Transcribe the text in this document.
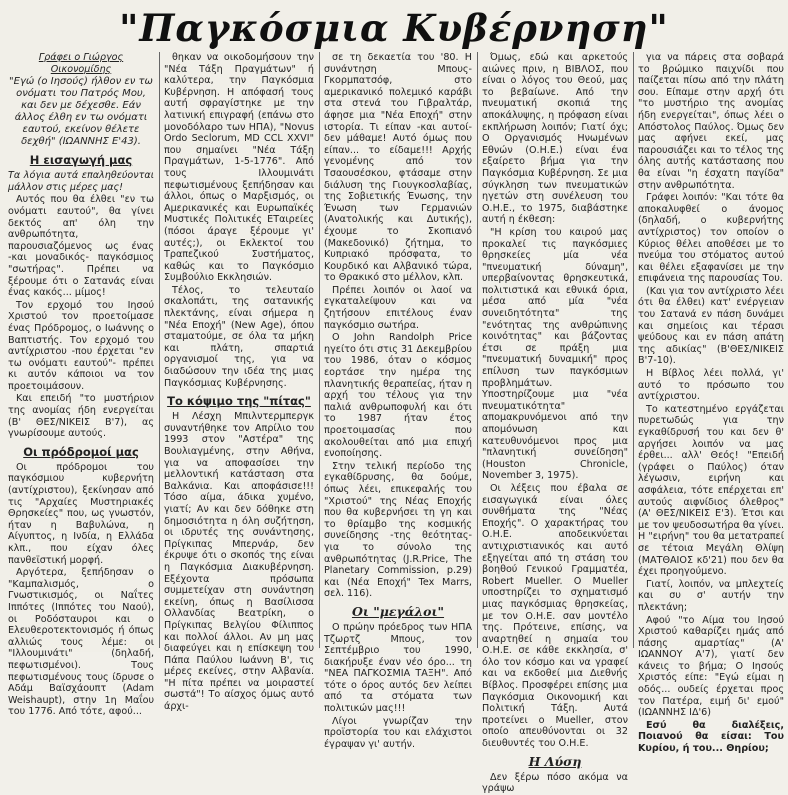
"Παγκόσμια Κυβέρνηση"
Γράφει ο Γιώργος Οικονομίδης
"Εγώ (ο Ιησούς) ήλθον εν τω ονόματι του Πατρός Μου, και δεν με δέχεσθε. Εάν άλλος έλθη εν τω ονόματι εαυτού, εκείνον θέλετε δεχθή" (ΙΩΑΝΝΗΣ Ε'43).
Η εισαγωγή μας

Τα λόγια αυτά επαληθεύονται μάλλον στις μέρες μας!

Αυτός που θα έλθει "εν τω ονόματι εαυτού", θα γίνει δεκτός απ' όλη την ανθρωπότητα, παρουσιαζόμενος ως ένας -και μοναδικός- παγκόσμιος "σωτήρας". Πρέπει να ξέρουμε ότι ο Σατανάς είναι ένας κακός... μίμος!

Τον ερχομό του Ιησού Χριστού τον προετοίμασε ένας Πρόδρομος, ο Ιωάννης ο Βαπτιστής. Τον ερχομό του αντίχριστου -που έρχεται "εν τω ονόματι εαυτού"- πρέπει κι αυτόν κάποιοι να τον προετοιμάσουν.

Και επειδή "το μυστήριον της ανομίας ήδη ενεργείται (Β' ΘΕΣ/ΝΙΚΕΙΣ Β'7), ας γνωρίσουμε αυτούς.

Οι πρόδρομοί μας

Οι πρόδρομοι του παγκόσμιου κυβερνήτη (αντίχριστου), ξεκίνησαν από τις "Αρχαίες Μυστηριακές Θρησκείες" που, ως γνωστόν, ήταν η Βαβυλώνα, η Αίγυπτος, η Ινδία, η Ελλάδα κλπ., που είχαν όλες πανθεϊστική μορφή.

Αργότερα, ξεπήδησαν ο "Καμπαλισμός, ο Γνωστικισμός, οι Ναΐτες Ιππότες (Ιππότες του Ναού), οι Ροδόσταυροι και ο Ελευθεροτεκτονισμός ή όπως αλλιώς τους λέμε: οι "Ιλλουμινάτι" (δηλαδή, πεφωτισμένοι). Τους πεφωτισμένους τους ίδρυσε ο Αδάμ Βαϊσχάουπτ (Adam Weishaupt), στην 1η Μαΐου του 1776. Από τότε, αφού...

θηκαν να οικοδομήσουν την "Νέα Τάξη Πραγμάτων" ή καλύτερα, την Παγκόσμια Κυβέρνηση. Η απόφασή τους αυτή σφραγίστηκε με την λατινική επιγραφή (επάνω στο μονοδόλαρο των ΗΠΑ), "Novus Ordo Seclorum, MD CCL XXVI" που σημαίνει "Νέα Τάξη Πραγμάτων, 1-5-1776". Από τους Ιλλουμινάτι πεφωτισμένους ξεπήδησαν και άλλοι, όπως ο Μαρξισμός, οι Αμερικανικές και Ευρωπαϊκές Μυστικές Πολιτικές ΕΤαιρείες (πόσοι άραγε ξέρουμε γι' αυτές;), οι Εκλεκτοί του Τραπεζικού Συστήματος, καθώς και το Παγκόσμιο Συμβούλιο Εκκλησιών.

Τέλος, το τελευταίο σκαλοπάτι, της σατανικής πλεκτάνης, είναι σήμερα η "Νέα Εποχή" (New Age), όπου σταματούμε, σε όλα τα μήκη και πλάτη, σπαρτιά οργανισμοί της, για να διαδώσουν την ιδέα της μιας Παγκόσμιας Κυβέρνησης.

Το κόψιμο της "πίτας"

Η Λέσχη Μπιλντερμπεργκ συναντήθηκε τον Απρίλιο του 1993 στον "Αστέρα" της Βουλιαγμένης, στην Αθήνα, για να αποφασίσει την μελλοντική κατάσταση στα Βαλκάνια. Και αποφάσισε!!! Τόσο αίμα, άδικα χυμένο, γιατί; Αν και δεν δόθηκε στη δημοσιότητα η όλη συζήτηση, οι ιδρυτές της συνάντησης, Πρίγκιπας Μπερνάρ, δεν έκρυψε ότι ο σκοπός της είναι η Παγκόσμια Διακυβέρνηση. Εξέχοντα πρόσωπα συμμετείχαν στη συνάντηση εκείνη, όπως η Βασίλισσα Ολλανδίας Βεατρίκη, ο Πρίγκιπας Βελγίου Φίλιππος και πολλοί άλλοι. Αν μη μας διαφεύγει και η επίσκεψη του Πάπα Παύλου Ιωάννη Β', τις μέρες εκείνες, στην Αλβανία. "Η πίτα πρέπει να μοιραστεί σωστά"! Το αίσχος όμως αυτό άρχι-

σε τη δεκαετία του '80. Η συνάντηση Μπους-Γκορμπατσόφ, στο αμερικανικό πολεμικό καράβι στα στενά του Γιβραλτάρ, άφησε μια "Νέα Εποχή" στην ιστορία. Τι είπαν -και αυτοί- δεν μάθαμε! Αυτό όμως που είπαν... το είδαμε!!! Αρχής γενομένης από τον Τσαουσέσκου, φτάσαμε στην διάλυση της Γιουγκοσλαβίας, της Σοβιετικής Ένωσης, την Ένωση των Γερμανιών (Ανατολικής και Δυτικής), έχουμε το Σκοπιανό (Μακεδονικό) ζήτημα, το Κυπριακό πρόσφατα, το Κουρδικό και Αλβανικό τώρα, το Θρακικό στο μέλλον, κλπ.

Πρέπει λοιπόν οι λαοί να εγκαταλείψουν και να ζητήσουν επιτέλους έναν παγκόσμιο σωτήρα.

Ο John Randolph Price ηγείτο ότι στις 31 Δεκεμβρίου του 1986, όταν ο κόσμος εορτάσε την ημέρα της πλανητικής θεραπείας, ήταν η αρχή του τέλους για την παλιά ανθρωποφυλή και ότι το 1987 ήταν έτος προετοιμασίας που ακολουθείται από μια επιχή ενοποίησης.

Στην τελική περίοδο της εγκαθίδρυσης, θα δούμε, όπως λέει, επικεφαλής του "Χριστού" της Νέας Εποχής που θα κυβερνήσει τη γη και το θρίαμβο της κοσμικής συνείδησης -της θεότητας- για το σύνολο της ανθρωπότητας (J.R.Price, The Planetary Commission, p.29) και (Νέα Εποχή" Tex Marrs, σελ. 116).

Οι "μεγάλοι"

Ο πρώην πρόεδρος των ΗΠΑ Τζωρτζ Μπους, τον Σεπτέμβριο του 1990, διακήρυξε έναν νέο όρο... τη "ΝΕΑ ΠΑΓΚΟΣΜΙΑ ΤΑΞΗ". Από τότε ο όρος αυτός δεν λείπει από τα στόματα των πολιτικών μας!!!

Λίγοι γνωρίζαν την προϊστορία του και ελάχιστοι έγραψαν γι' αυτήν.

Όμως, εδώ και αρκετούς αιώνες πριν, η ΒΙΒΛΟΣ, που είναι ο λόγος του Θεού, μας το βεβαίωνε. Από την πνευματική σκοπιά της αποκάλυψης, η πρόφαση είναι εκπλήρωση λοιπόν; Γιατί όχι; Ο Οργανισμός Ηνωμένων Εθνών (Ο.Η.Ε.) είναι ένα εξαίρετο βήμα για την Παγκόσμια Κυβέρνηση. Σε μια σύγκληση των πνευματικών ηγετών στη συνέλευση του Ο.Η.Ε., το 1975, διαβάστηκε αυτή η έκθεση:

"Η κρίση του καιρού μας προκαλεί τις παγκόσμιες θρησκείες μία νέα "πνευματική δύναμη", υπερβαίνοντας θρησκευτικά, πολιτιστικά και εθνικά όρια, μέσα από μία "νέα συνειδητότητα" της "ενότητας της ανθρώπινης κοινότητας" και βάζοντας έτσι σε πράξη μια "πνευματική δυναμική" προς επίλυση των παγκόσμιων προβλημάτων. Υποστηρίζουμε μια "νέα πνευματικότητα" απομακρυνόμενοι από την απομόνωση και κατευθυνόμενοι προς μια "πλανητική συνείδηση" (Houston Chronicle, November 3, 1975).

Οι λέξεις που έβαλα σε εισαγωγικά είναι όλες συνθήματα της "Νέας Εποχής". Ο χαρακτήρας του Ο.Η.Ε. αποδεικνύεται αντιχριστιανικός και αυτό εξηγείται από τη στάση του βοηθού Γενικού Γραμματέα, Robert Mueller. Ο Mueller υποστηρίζει το σχηματισμό μιας παγκόσμιας θρησκείας, με τον Ο.Η.Ε. σαν μοντέλο της. Πρότεινε, επίσης, να αναρτηθεί η σημαία του Ο.Η.Ε. σε κάθε εκκλησία, σ' όλο τον κόσμο και να γραφεί και να εκδοθεί μια Διεθνής Βίβλος. Προσφέρει επίσης μια Παγκόσμια Οικονομική και Πολιτική Τάξη. Αυτά προτείνει ο Mueller, στον οποίο απευθύνονται οι 32 διευθυντές του Ο.Η.Ε.

Η Λύση

Δεν ξέρω πόσο ακόμα να γράψω

για να πάρεις στα σοβαρά το βρώμικο παιχνίδι που παίζεται πίσω από την πλάτη σου. Είπαμε στην αρχή ότι "το μυστήριο της ανομίας ήδη ενεργείται", όπως λέει ο Απόστολος Παύλος. Όμως δεν μας αφήνει εκεί, μας παρουσιάζει και το τέλος της όλης αυτής κατάστασης που θα είναι "η έσχατη παγίδα" στην ανθρωπότητα.

Γράφει λοιπόν: "Και τότε θα αποκαλυφθεί ο άνομος (δηλαδή, ο κυβερνήτης αντίχριστος) τον οποίον ο Κύριος θέλει αποθέσει με το πνεύμα του στόματος αυτού και θέλει εξαφανίσει με την επιφάνεια της παρουσίας Του.

(Και για τον αντίχριστο λέει ότι θα έλθει) κατ' ενέργειαν του Σατανά εν πάση δυνάμει και σημείοις και τέρασι ψεύδους και εν πάση απάτη της αδικίας" (Β'ΘΕΣ/ΝΙΚΕΙΣ Β'7-10).

Η Βίβλος λέει πολλά, γι' αυτό το πρόσωπο του αντίχριστου.

Το κατεστημένο εργάζεται πυρετωδώς για την εγκαθίδρυσή του και δεν θ' αργήσει λοιπόν να μας έρθει... αλλ' Θεός! "Επειδή (γράφει ο Παύλος) όταν λέγωσιν, ειρήνη και ασφάλεια, τότε επέρχεται επ' αυτούς αιφνίδιος όλεθρος" (Α' ΘΕΣ/ΝΙΚΕΙΣ Ε'3). Έτσι και με τον ψευδοσωτήρα θα γίνει. Η "ειρήνη" του θα μετατραπεί σε τέτοια Μεγάλη Θλίψη (ΜΑΤΘΑΙΟΣ κδ'21) που δεν θα έχει προηγούμενο.

Γιατί, λοιπόν, να μπλεχτείς και συ σ' αυτήν την πλεκτάνη;

Αφού "το Αίμα του Ιησού Χριστού καθαρίζει ημάς από πάσης αμαρτίας" (Α' ΙΩΑΝΝΟΥ Α'7), γιατί δεν κάνεις το βήμα; Ο Ιησούς Χριστός είπε: "Εγώ είμαι η οδός... ουδείς έρχεται προς τον Πατέρα, ειμή δι' εμού" (ΙΩΑΝΝΗΣ ΙΔ'6)

Εσύ θα διαλέξεις, Ποιανού θα είσαι: Του Κυρίου, ή του... Θηρίου;
